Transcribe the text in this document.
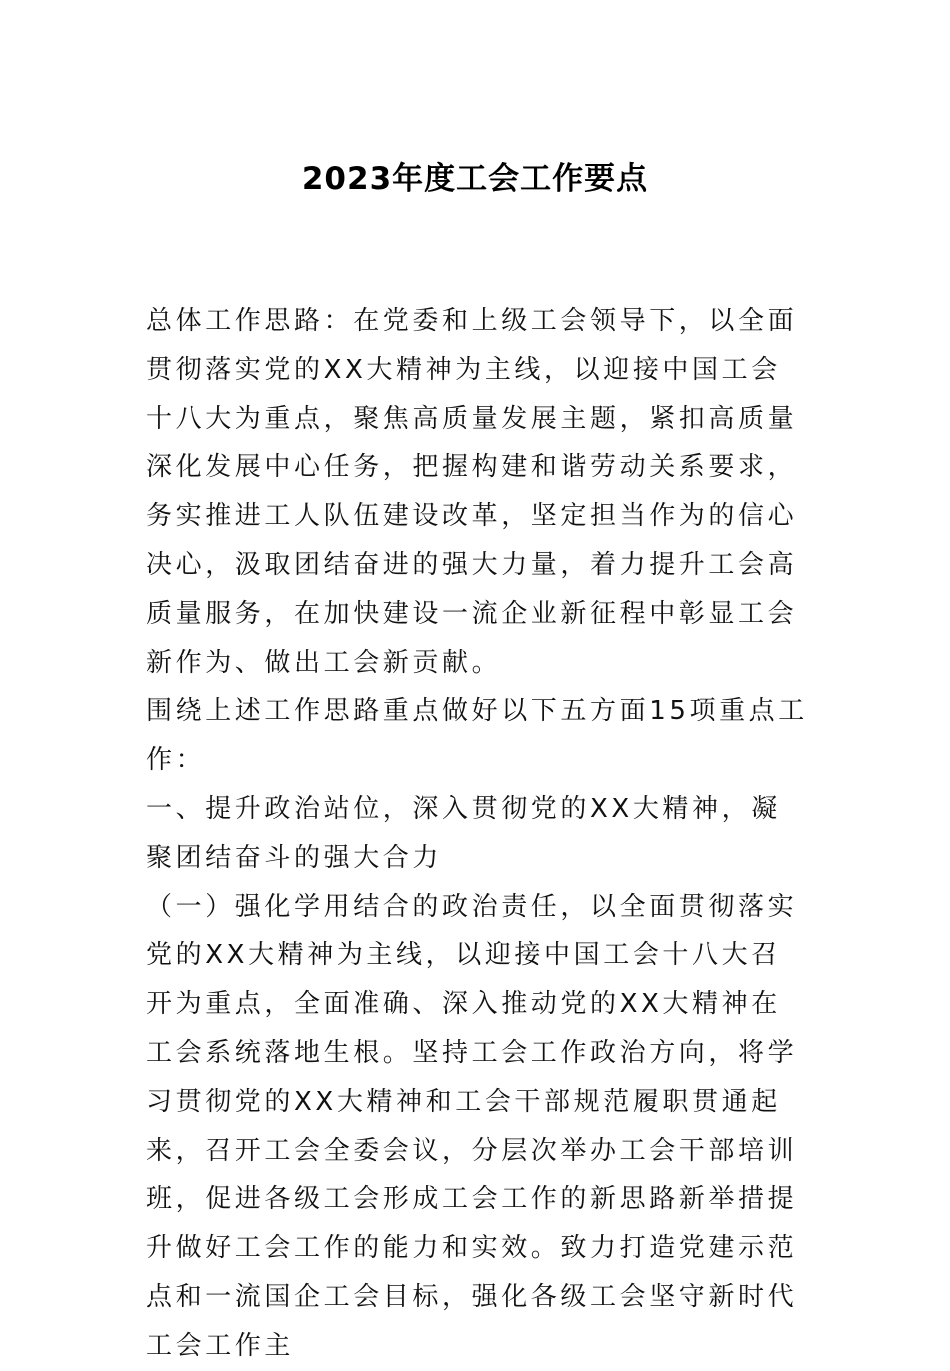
2023年度工会工作要点

总体工作思路：在党委和上级工会领导下，以全面贯彻落实党的XX大精神为主线，以迎接中国工会十八大为重点，聚焦高质量发展主题，紧扣高质量深化发展中心任务，把握构建和谐劳动关系要求，务实推进工人队伍建设改革，坚定担当作为的信心决心，汲取团结奋进的强大力量，着力提升工会高质量服务，在加快建设一流企业新征程中彰显工会新作为、做出工会新贡献。

围绕上述工作思路重点做好以下五方面15项重点工作：

一、提升政治站位，深入贯彻党的XX大精神，凝聚团结奋斗的强大合力

（一）强化学用结合的政治责任，以全面贯彻落实党的XX大精神为主线，以迎接中国工会十八大召开为重点，全面准确、深入推动党的XX大精神在工会系统落地生根。坚持工会工作政治方向，将学习贯彻党的XX大精神和工会干部规范履职贯通起来，召开工会全委会议，分层次举办工会干部培训班，促进各级工会形成工会工作的新思路新举措提升做好工会工作的能力和实效。致力打造党建示范点和一流国企工会目标，强化各级工会坚守新时代工会工作主
